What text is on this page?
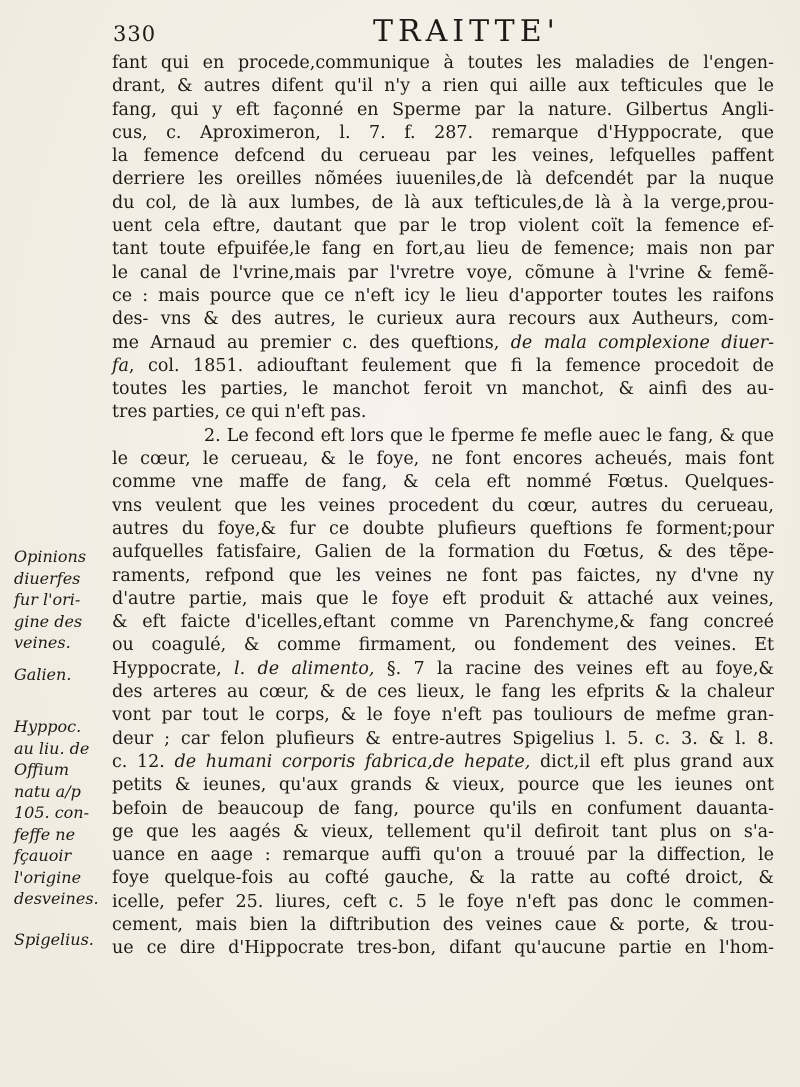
330	TRAITTE'
fant qui en procede,communique à toutes les maladies de l'engen-
drant, & autres difent qu'il n'y a rien qui aille aux tefticules que le
fang, qui y eft façonné en Sperme par la nature. Gilbertus Angli-
cus, c. Aproximeron, l. 7. f. 287. remarque d'Hyppocrate, que
la femence defcend du cerueau par les veines, lefquelles paffent
derriere les oreilles nõmées iuueniles,de là defcendét par la nuque
du col, de là aux lumbes, de là aux tefticules,de là à la verge,prou-
uent cela eftre, dautant que par le trop violent coït la femence ef-
tant toute efpuifée,le fang en fort,au lieu de femence; mais non par
le canal de l'vrine,mais par l'vretre voye, cõmune à l'vrine & femẽ-
ce : mais pource que ce n'eft icy le lieu d'apporter toutes les raifons
des- vns & des autres, le curieux aura recours aux Autheurs, com-
me Arnaud au premier c. des queftions, de mala complexione diuer-
fa, col. 1851. adiouftant feulement que fi la femence procedoit de
toutes les parties, le manchot feroit vn manchot, & ainfi des au-
tres parties, ce qui n'eft pas.
2. Le fecond eft lors que le fperme fe mefle auec le fang, & que
le cœur, le cerueau, & le foye, ne font encores acheués, mais font
comme vne maffe de fang, & cela eft nommé Fœtus. Quelques-
vns veulent que les veines procedent du cœur, autres du cerueau,
autres du foye,& fur ce doubte plufieurs queftions fe forment;pour
aufquelles fatisfaire, Galien de la formation du Fœtus, & des tẽpe-
raments, refpond que les veines ne font pas faictes, ny d'vne ny
d'autre partie, mais que le foye eft produit & attaché aux veines,
& eft faicte d'icelles,eftant comme vn Parenchyme,& fang concreé
ou coagulé, & comme firmament, ou fondement des veines. Et
Hyppocrate, l. de alimento, §. 7 la racine des veines eft au foye,&
des arteres au cœur, & de ces lieux, le fang les efprits & la chaleur
vont par tout le corps, & le foye n'eft pas touliours de mefme gran-
deur ; car felon plufieurs & entre-autres Spigelius l. 5. c. 3. & l. 8.
c. 12. de humani corporis fabrica,de hepate, dict,il eft plus grand aux
petits & ieunes, qu'aux grands & vieux, pource que les ieunes ont
befoin de beaucoup de fang, pource qu'ils en confument dauanta-
ge que les aagés & vieux, tellement qu'il defiroit tant plus on s'a-
uance en aage : remarque auffi qu'on a trouué par la diffection, le
foye quelque-fois au cofté gauche, & la ratte au cofté droict, &
icelle, pefer 25. liures, ceft c. 5 le foye n'eft pas donc le commen-
cement, mais bien la diftribution des veines caue & porte, & trou-
ue ce dire d'Hippocrate tres-bon, difant qu'aucune partie en l'hom-
Opinions
diuerfes
fur l'ori-
gine des
veines.
Galien.
Hyppoc.
au liu. de
Offium
natu a/p
105. con-
feffe ne
fçauoir
l'origine
desveines.
Spigelius.
